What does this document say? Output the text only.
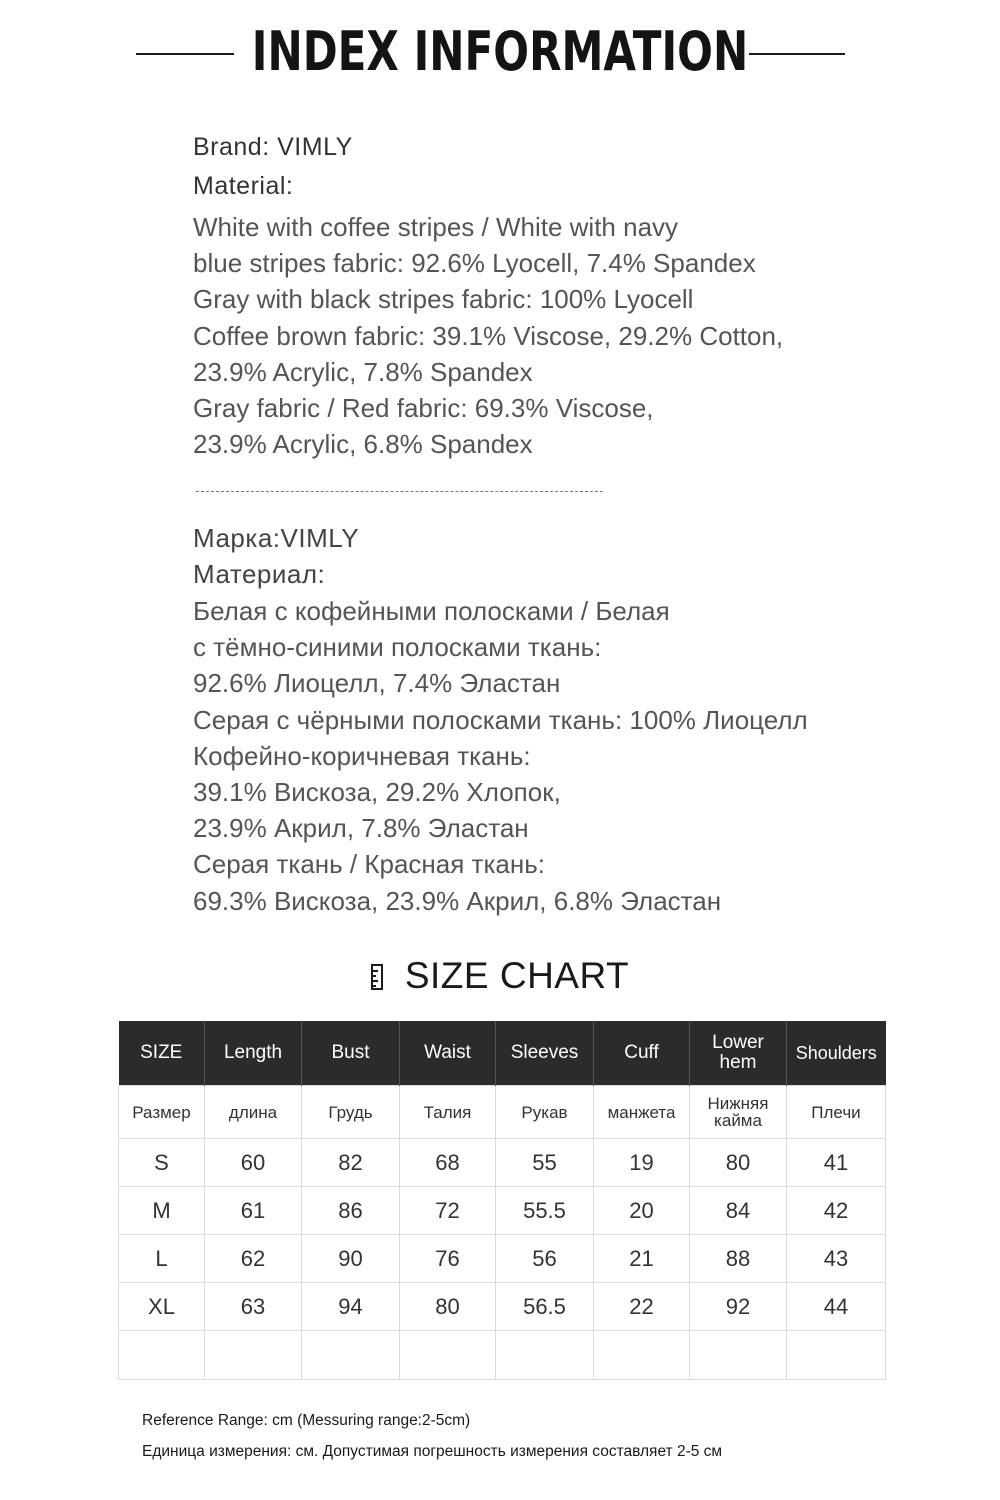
INDEX INFORMATION
Brand: VIMLY
Material:
White with coffee stripes / White with navy
blue stripes fabric: 92.6% Lyocell, 7.4% Spandex
Gray with black stripes fabric: 100% Lyocell
Coffee brown fabric: 39.1% Viscose, 29.2% Cotton,
23.9% Acrylic, 7.8% Spandex
Gray fabric / Red fabric: 69.3% Viscose,
23.9% Acrylic, 6.8% Spandex
Марка:VIMLY
Материал:
Белая с кофейными полосками / Белая
с тёмно-синими полосками ткань:
92.6% Лиоцелл, 7.4% Эластан
Серая с чёрными полосками ткань: 100% Лиоцелл
Кофейно-коричневая ткань:
39.1% Вискоза, 29.2% Хлопок,
23.9% Акрил, 7.8% Эластан
Серая ткань / Красная ткань:
69.3% Вискоза, 23.9% Акрил, 6.8% Эластан
SIZE CHART
SIZE	Length	Bust	Waist	Sleeves	Cuff	Lower hem	Shoulders
Размер	длина	Грудь	Талия	Рукав	манжета	Нижняя кайма	Плечи
S	60	82	68	55	19	80	41
M	61	86	72	55.5	20	84	42
L	62	90	76	56	21	88	43
XL	63	94	80	56.5	22	92	44

Reference Range: cm (Messuring range:2-5cm)
Единица измерения: см. Допустимая погрешность измерения составляет 2-5 см
